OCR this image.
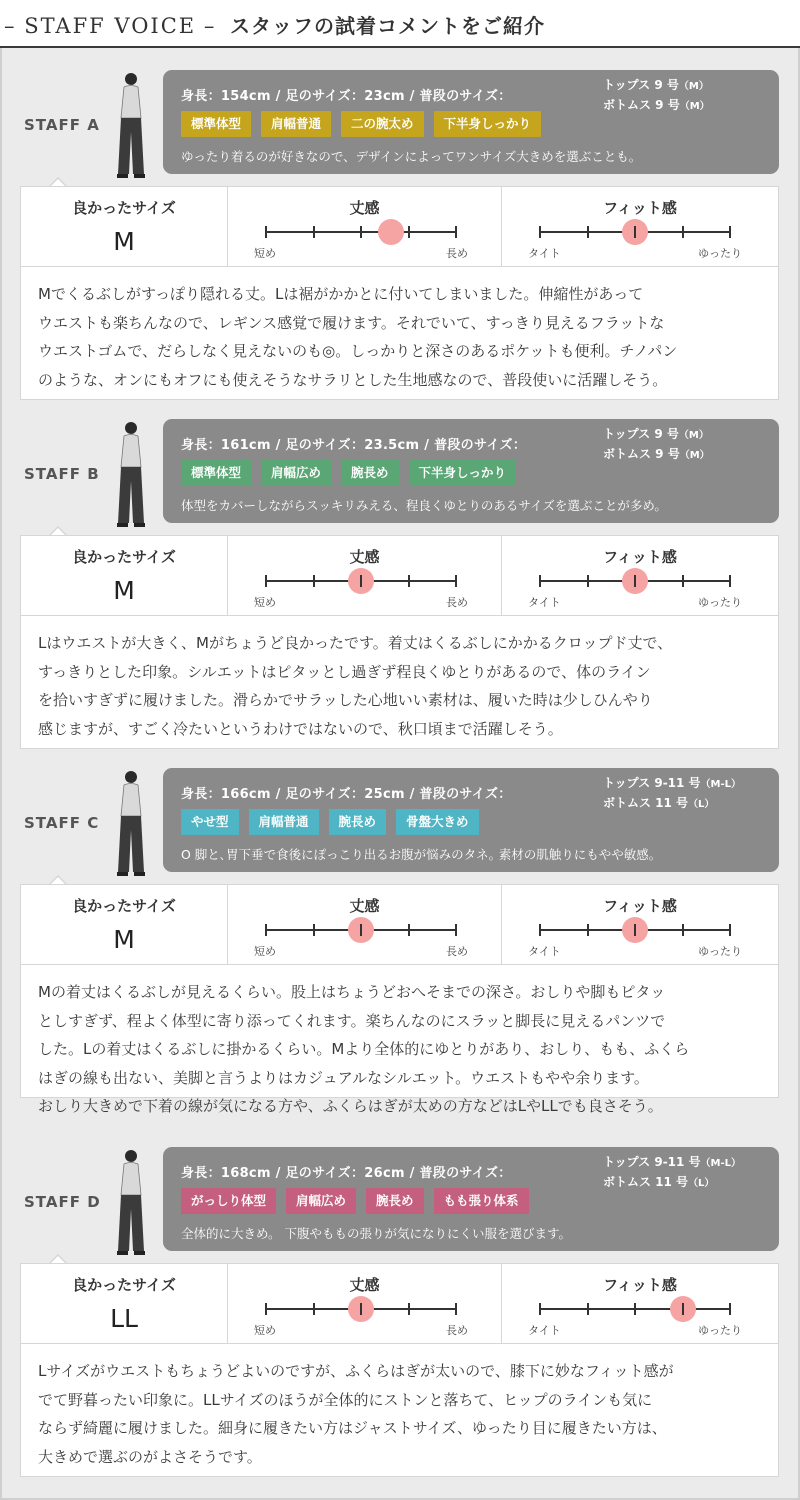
– STAFF VOICE – スタッフの試着コメントをご紹介
STAFF A
身長：154cm / 足のサイズ：23cm / 普段のサイズ：
トップス 9 号（M）
ボトムス 9 号（M）
標準体型 肩幅普通 二の腕太め 下半身しっかり
ゆったり着るのが好きなので、デザインによってワンサイズ大きめを選ぶことも。
良かったサイズ
M
丈感
短め	長め
フィット感
タイト	ゆったり
Mでくるぶしがすっぽり隠れる丈。Lは裾がかかとに付いてしまいました。伸縮性があって
ウエストも楽ちんなので、レギンス感覚で履けます。それでいて、すっきり見えるフラットな
ウエストゴムで、だらしなく見えないのも◎。しっかりと深さのあるポケットも便利。チノパン
のような、オンにもオフにも使えそうなサラリとした生地感なので、普段使いに活躍しそう。
STAFF B
身長：161cm / 足のサイズ：23.5cm / 普段のサイズ：
トップス 9 号（M）
ボトムス 9 号（M）
標準体型 肩幅広め 腕長め 下半身しっかり
体型をカバーしながらスッキリみえる、程良くゆとりのあるサイズを選ぶことが多め。
良かったサイズ
M
丈感
短め	長め
フィット感
タイト	ゆったり
Lはウエストが大きく、Mがちょうど良かったです。着丈はくるぶしにかかるクロップド丈で、
すっきりとした印象。シルエットはピタッとし過ぎず程良くゆとりがあるので、体のライン
を拾いすぎずに履けました。滑らかでサラッした心地いい素材は、履いた時は少しひんやり
感じますが、すごく冷たいというわけではないので、秋口頃まで活躍しそう。
STAFF C
身長：166cm / 足のサイズ：25cm / 普段のサイズ：
トップス 9-11 号（M-L）
ボトムス 11 号（L）
やせ型 肩幅普通 腕長め 骨盤大きめ
O 脚と､胃下垂で食後にぽっこり出るお腹が悩みのタネ｡ 素材の肌触りにもやや敏感｡
良かったサイズ
M
丈感
短め	長め
フィット感
タイト	ゆったり
Mの着丈はくるぶしが見えるくらい。股上はちょうどおへそまでの深さ。おしりや脚もピタッ
としすぎず、程よく体型に寄り添ってくれます。楽ちんなのにスラッと脚長に見えるパンツで
した。Lの着丈はくるぶしに掛かるくらい。Mより全体的にゆとりがあり、おしり、もも、ふくら
はぎの線も出ない、美脚と言うよりはカジュアルなシルエット。ウエストもやや余ります。
おしり大きめで下着の線が気になる方や、ふくらはぎが太めの方などはLやLLでも良さそう。
STAFF D
身長：168cm / 足のサイズ：26cm / 普段のサイズ：
トップス 9-11 号（M-L）
ボトムス 11 号（L）
がっしり体型 肩幅広め 腕長め もも張り体系
全体的に大きめ。 下腹やももの張りが気になりにくい服を選びます。
良かったサイズ
LL
丈感
短め	長め
フィット感
タイト	ゆったり
Lサイズがウエストもちょうどよいのですが、ふくらはぎが太いので、膝下に妙なフィット感が
でて野暮ったい印象に。LLサイズのほうが全体的にストンと落ちて、ヒップのラインも気に
ならず綺麗に履けました。細身に履きたい方はジャストサイズ、ゆったり目に履きたい方は、
大きめで選ぶのがよさそうです。
